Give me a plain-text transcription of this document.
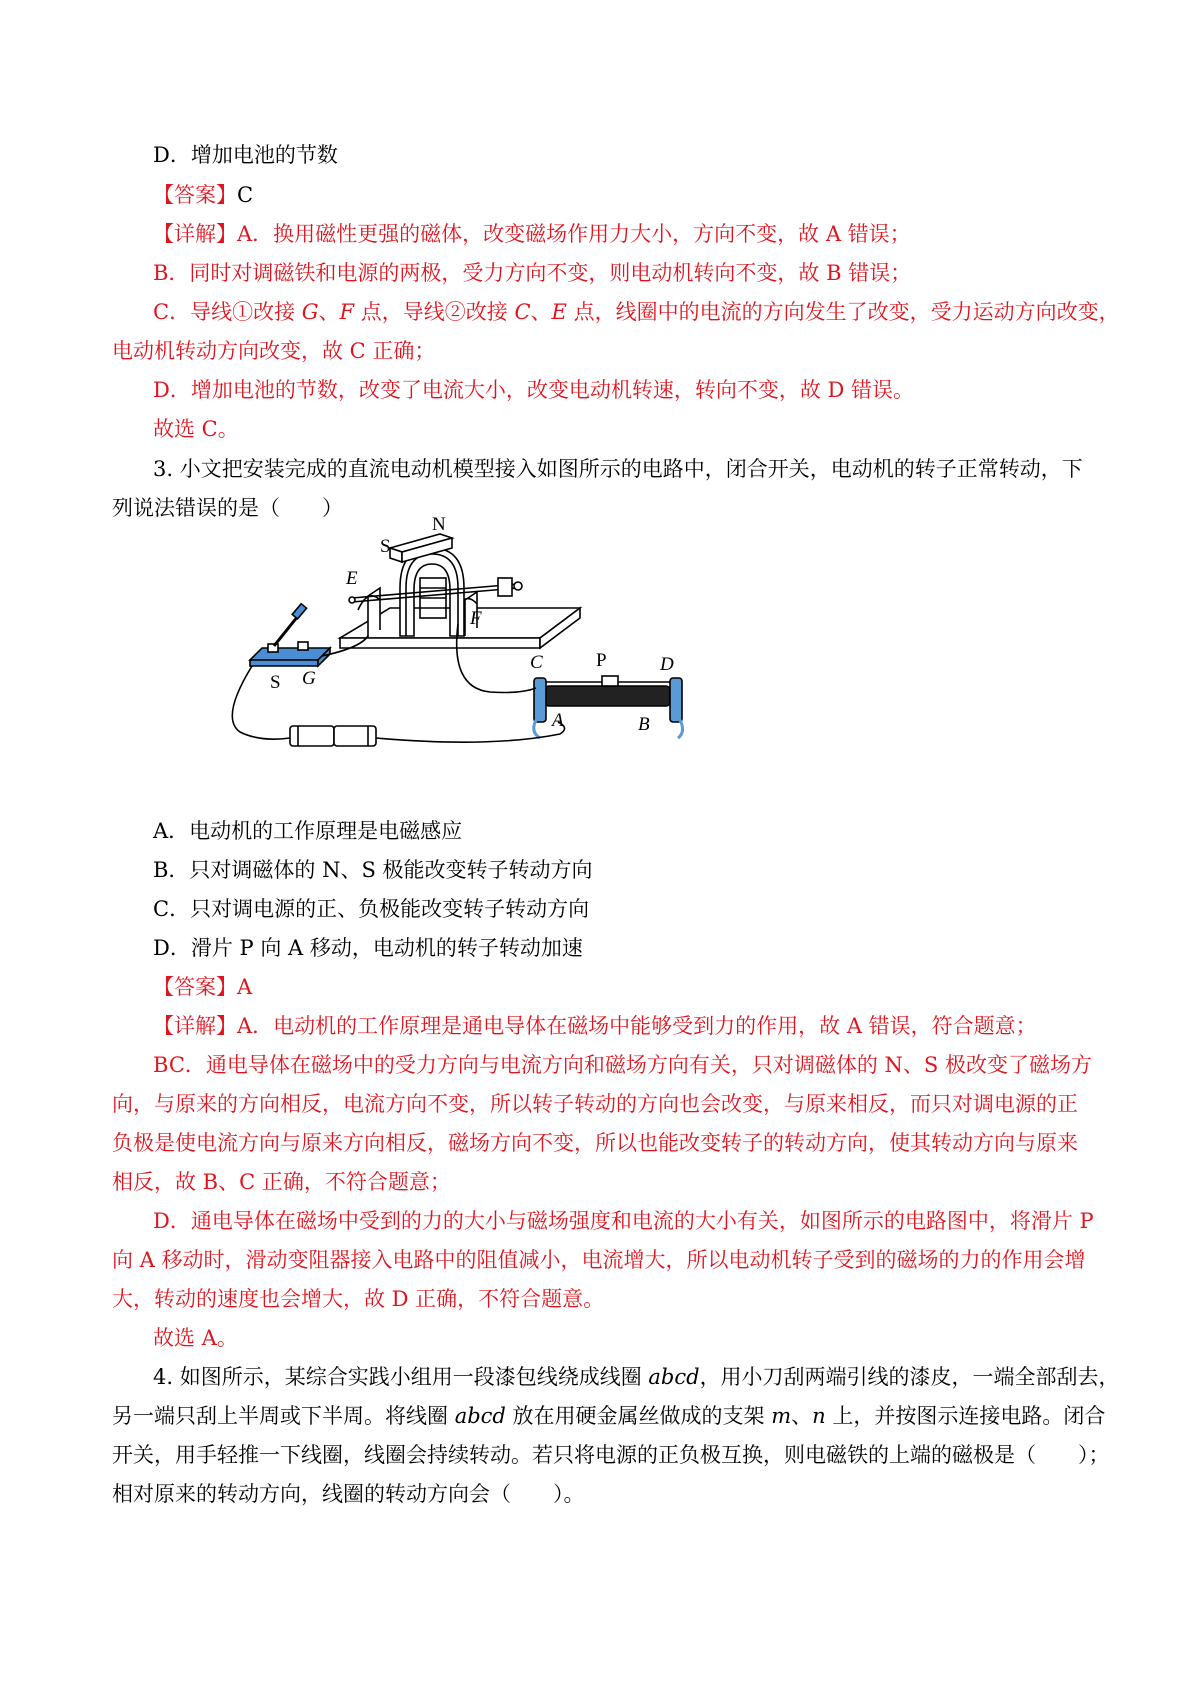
D．增加电池的节数
【答案】C
【详解】A．换用磁性更强的磁体，改变磁场作用力大小，方向不变，故 A 错误；
B．同时对调磁铁和电源的两极，受力方向不变，则电动机转向不变，故 B 错误；
C．导线①改接 G、F 点，导线②改接 C、E 点，线圈中的电流的方向发生了改变，受力运动方向改变，
电动机转动方向改变，故 C 正确；
D．增加电池的节数，改变了电流大小，改变电动机转速，转向不变，故 D 错误。
故选 C。
3. 小文把安装完成的直流电动机模型接入如图所示的电路中，闭合开关，电动机的转子正常转动，下
列说法错误的是（　　）
S
N
E
F
S G
C	P	D
A	B
A．电动机的工作原理是电磁感应
B．只对调磁体的 N、S 极能改变转子转动方向
C．只对调电源的正、负极能改变转子转动方向
D．滑片 P 向 A 移动，电动机的转子转动加速
【答案】A
【详解】A．电动机的工作原理是通电导体在磁场中能够受到力的作用，故 A 错误，符合题意；
BC．通电导体在磁场中的受力方向与电流方向和磁场方向有关，只对调磁体的 N、S 极改变了磁场方
向，与原来的方向相反，电流方向不变，所以转子转动的方向也会改变，与原来相反，而只对调电源的正
负极是使电流方向与原来方向相反，磁场方向不变，所以也能改变转子的转动方向，使其转动方向与原来
相反，故 B、C 正确，不符合题意；
D．通电导体在磁场中受到的力的大小与磁场强度和电流的大小有关，如图所示的电路图中，将滑片 P
向 A 移动时，滑动变阻器接入电路中的阻值减小，电流增大，所以电动机转子受到的磁场的力的作用会增
大，转动的速度也会增大，故 D 正确，不符合题意。
故选 A。
4. 如图所示，某综合实践小组用一段漆包线绕成线圈 abcd，用小刀刮两端引线的漆皮，一端全部刮去，
另一端只刮上半周或下半周。将线圈 abcd 放在用硬金属丝做成的支架 m、n 上，并按图示连接电路。闭合
开关，用手轻推一下线圈，线圈会持续转动。若只将电源的正负极互换，则电磁铁的上端的磁极是（　　）；
相对原来的转动方向，线圈的转动方向会（　　）。
